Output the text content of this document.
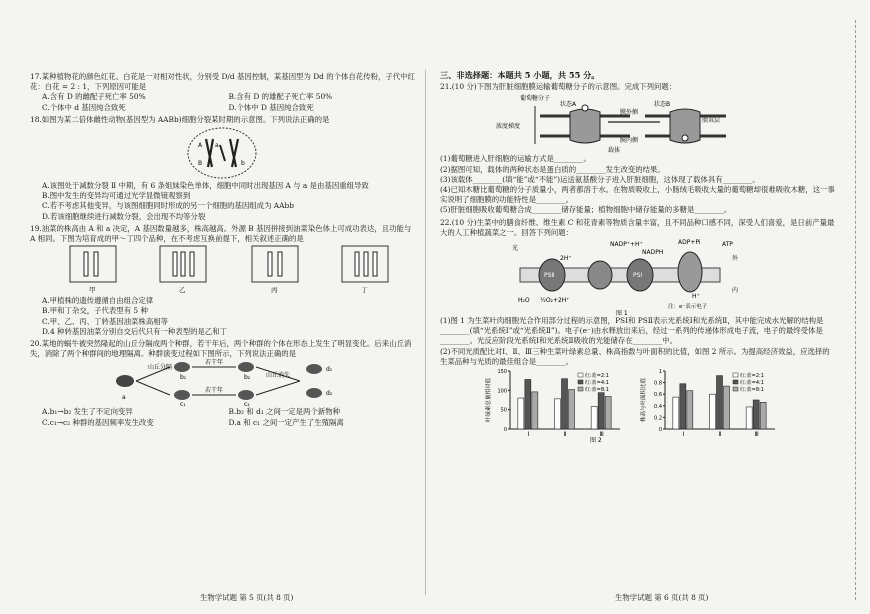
17.某种植物花的颜色红花、白花是一对相对性状，分别受 D/d 基因控制，某基因型为 Dd 的个体自花传粉，子代中红花：白花 = 2 : 1，下列原因可能是

A.含有 D 的雌配子死亡率 50%	B.含有 D 的雄配子死亡率 50%
C.个体中 d 基因纯合致死	D.个体中 D 基因纯合致死

18.如图为某二倍体雌性动物(基因型为 AABb)细胞分裂某时期的示意图。下列说法正确的是

A a
B	b

A.该图处于减数分裂 Ⅱ 中期，有 6 条姐妹染色单体，细胞中同时出现基因 A 与 a 是由基因重组导致

B.图中发生的变异均可通过光学显微镜观察到

C.若不考虑其他变异，与该图细胞同时形成的另一个细胞的基因组成为 AAbb

D.若该细胞继续进行减数分裂，会出现不均等分裂

19.油菜的株高由 A 和 a 决定，A 基因数量越多，株高越高。外源 B 基因拼接到油菜染色体上可成功表达，且功能与 A 相同。下图为培育成的甲～丁四个品种，在不考虑互换前提下，相关叙述正确的是

甲	乙	丙	丁

A.甲植株的遗传遵循自由组合定律

B.甲和丁杂交，子代表型有 5 种

C.甲、乙、丙、丁转基因油菜株高相等

D.4 种转基因油菜分别自交后代只有一种表型的是乙和丁

20.某地的蜗牛被突然隆起的山丘分隔成两个种群，若干年后，两个种群的个体在形态上发生了明显变化。后来山丘消失，消除了两个种群间的地理隔离。种群演变过程如下图所示，下列说法正确的是

a
山丘分隔
b₁
c₁
若干年
若干年
b₂
c₂
山丘消失
d₁
d₂
A.b₁→b₂ 发生了不定向变异	B.b₂ 和 d₁ 之间一定是两个新物种
C.c₁→c₂ 种群的基因频率发生改变	D.a 和 c₁ 之间一定产生了生殖隔离
生物学试题 第 5 页(共 8 页)

三、非选择题：本题共 5 小题，共 55 分。

21.(10 分)下图为肝脏细胞膜运输葡萄糖分子的示意图。完成下列问题：

葡萄糖分子
状态A	状态B
膜外侧
膜内侧
浓度梯度
载体
脂双层

(1)葡萄糖进入肝细胞的运输方式是________。

(2)据图可知，载体的两种状态是蛋白质的________发生改变的结果。

(3)该载体________(填“能”或“不能”)运送氨基酸分子进入肝脏细胞，这体现了载体具有________。

(4)已知木糖比葡萄糖的分子质量小，两者都溶于水。在物质吸收上，小肠绒毛吸收大量的葡萄糖却很难吸收木糖，这一事实说明了细胞膜的功能特性是________。

(5)肝脏细胞吸收葡萄糖合成________储存能量；植物细胞中储存能量的多糖是________。

22.(10 分)生菜中的膳食纤维、维生素 C 和花青素等物质含量丰富，且不同品种口感不同，深受人们喜爱，是日前产量最大的人工种植蔬菜之一。回答下列问题：

光
PSⅡ	PSⅠ
NADP⁺+H⁺
NADPH
ADP+Pi	ATP
外
内
2H⁺
H⁺
H₂O ½O₂+2H⁺
注：e⁻表示电子
图 1

(1)图 1 为生菜叶肉细胞光合作用部分过程的示意图，PSⅠ和 PSⅡ表示光系统Ⅰ和光系统Ⅱ，其中能完成水光解的结构是________(填“光系统Ⅰ”或“光系统Ⅱ”)。电子(e⁻)由水释放出来后，经过一系列的传递体形成电子流，电子的最终受体是________。光反应阶段光系统Ⅰ和光系统Ⅱ吸收的光能储存在________中。

(2)不同光质配比对Ⅰ、Ⅱ、Ⅲ三种生菜叶绿素总量、株高指数与叶面积的比值，如图 2 所示。为提高经济效益，应选择的生菜品种与光质的最佳组合是________。

0
50
100
150
叶绿素总量相对值
Ⅰ	Ⅱ	Ⅲ
红:蓝=2:1
红:蓝=4:1
红:蓝=8:1
0
0.2
0.4
0.6
0.8
1
株高与叶面积比值
Ⅰ	Ⅱ	Ⅲ
红:蓝=2:1
红:蓝=4:1
红:蓝=8:1
图 2
生物学试题 第 6 页(共 8 页)
